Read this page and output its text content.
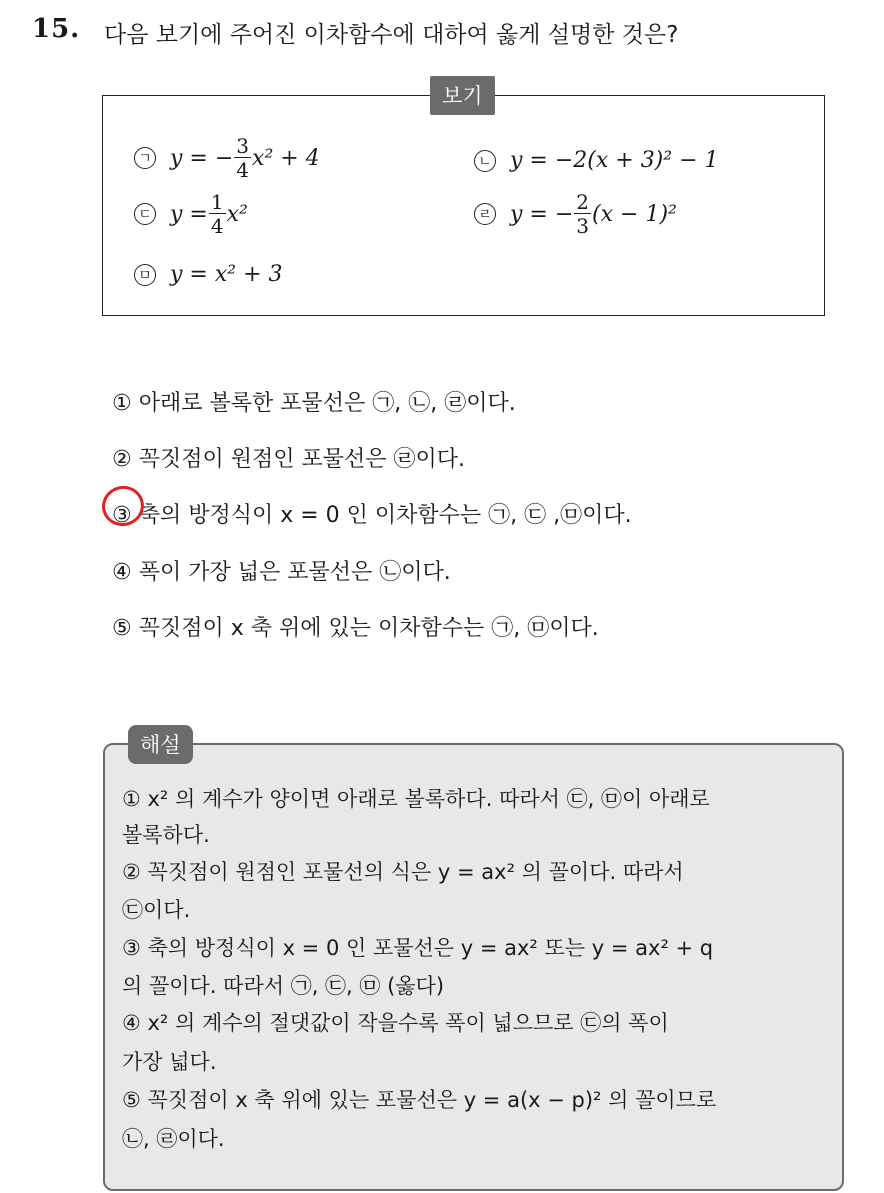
15. 다음 보기에 주어진 이차함수에 대하여 옳게 설명한 것은?
보기
ㄱ y = − $\frac{3}{4} x^2 + 4$	ㄴ y = −2(x + 3)² − 1
ㄷ $y = \frac{1}{4} x^2$	ㄹ y = − $\frac{2}{3} (x - 1)^2$
ㅁ y = x² + 3
① 아래로 볼록한 포물선은 ㉠, ㉡, ㉣이다.
② 꼭짓점이 원점인 포물선은 ㉣이다.
③ 축의 방정식이 x = 0 인 이차함수는 ㉠, ㉢ ,㉤이다.
④ 폭이 가장 넓은 포물선은 ㉡이다.
⑤ 꼭짓점이 x 축 위에 있는 이차함수는 ㉠, ㉤이다.
해설
① x² 의 계수가 양이면 아래로 볼록하다. 따라서 ㉢, ㉤이 아래로
볼록하다.
② 꼭짓점이 원점인 포물선의 식은 y = ax² 의 꼴이다. 따라서
㉢이다.
③ 축의 방정식이 x = 0 인 포물선은 y = ax² 또는 y = ax² + q
의 꼴이다. 따라서 ㉠, ㉢, ㉤ (옳다)
④ x² 의 계수의 절댓값이 작을수록 폭이 넓으므로 ㉢의 폭이
가장 넓다.
⑤ 꼭짓점이 x 축 위에 있는 포물선은 y = a(x − p)² 의 꼴이므로
㉡, ㉣이다.
